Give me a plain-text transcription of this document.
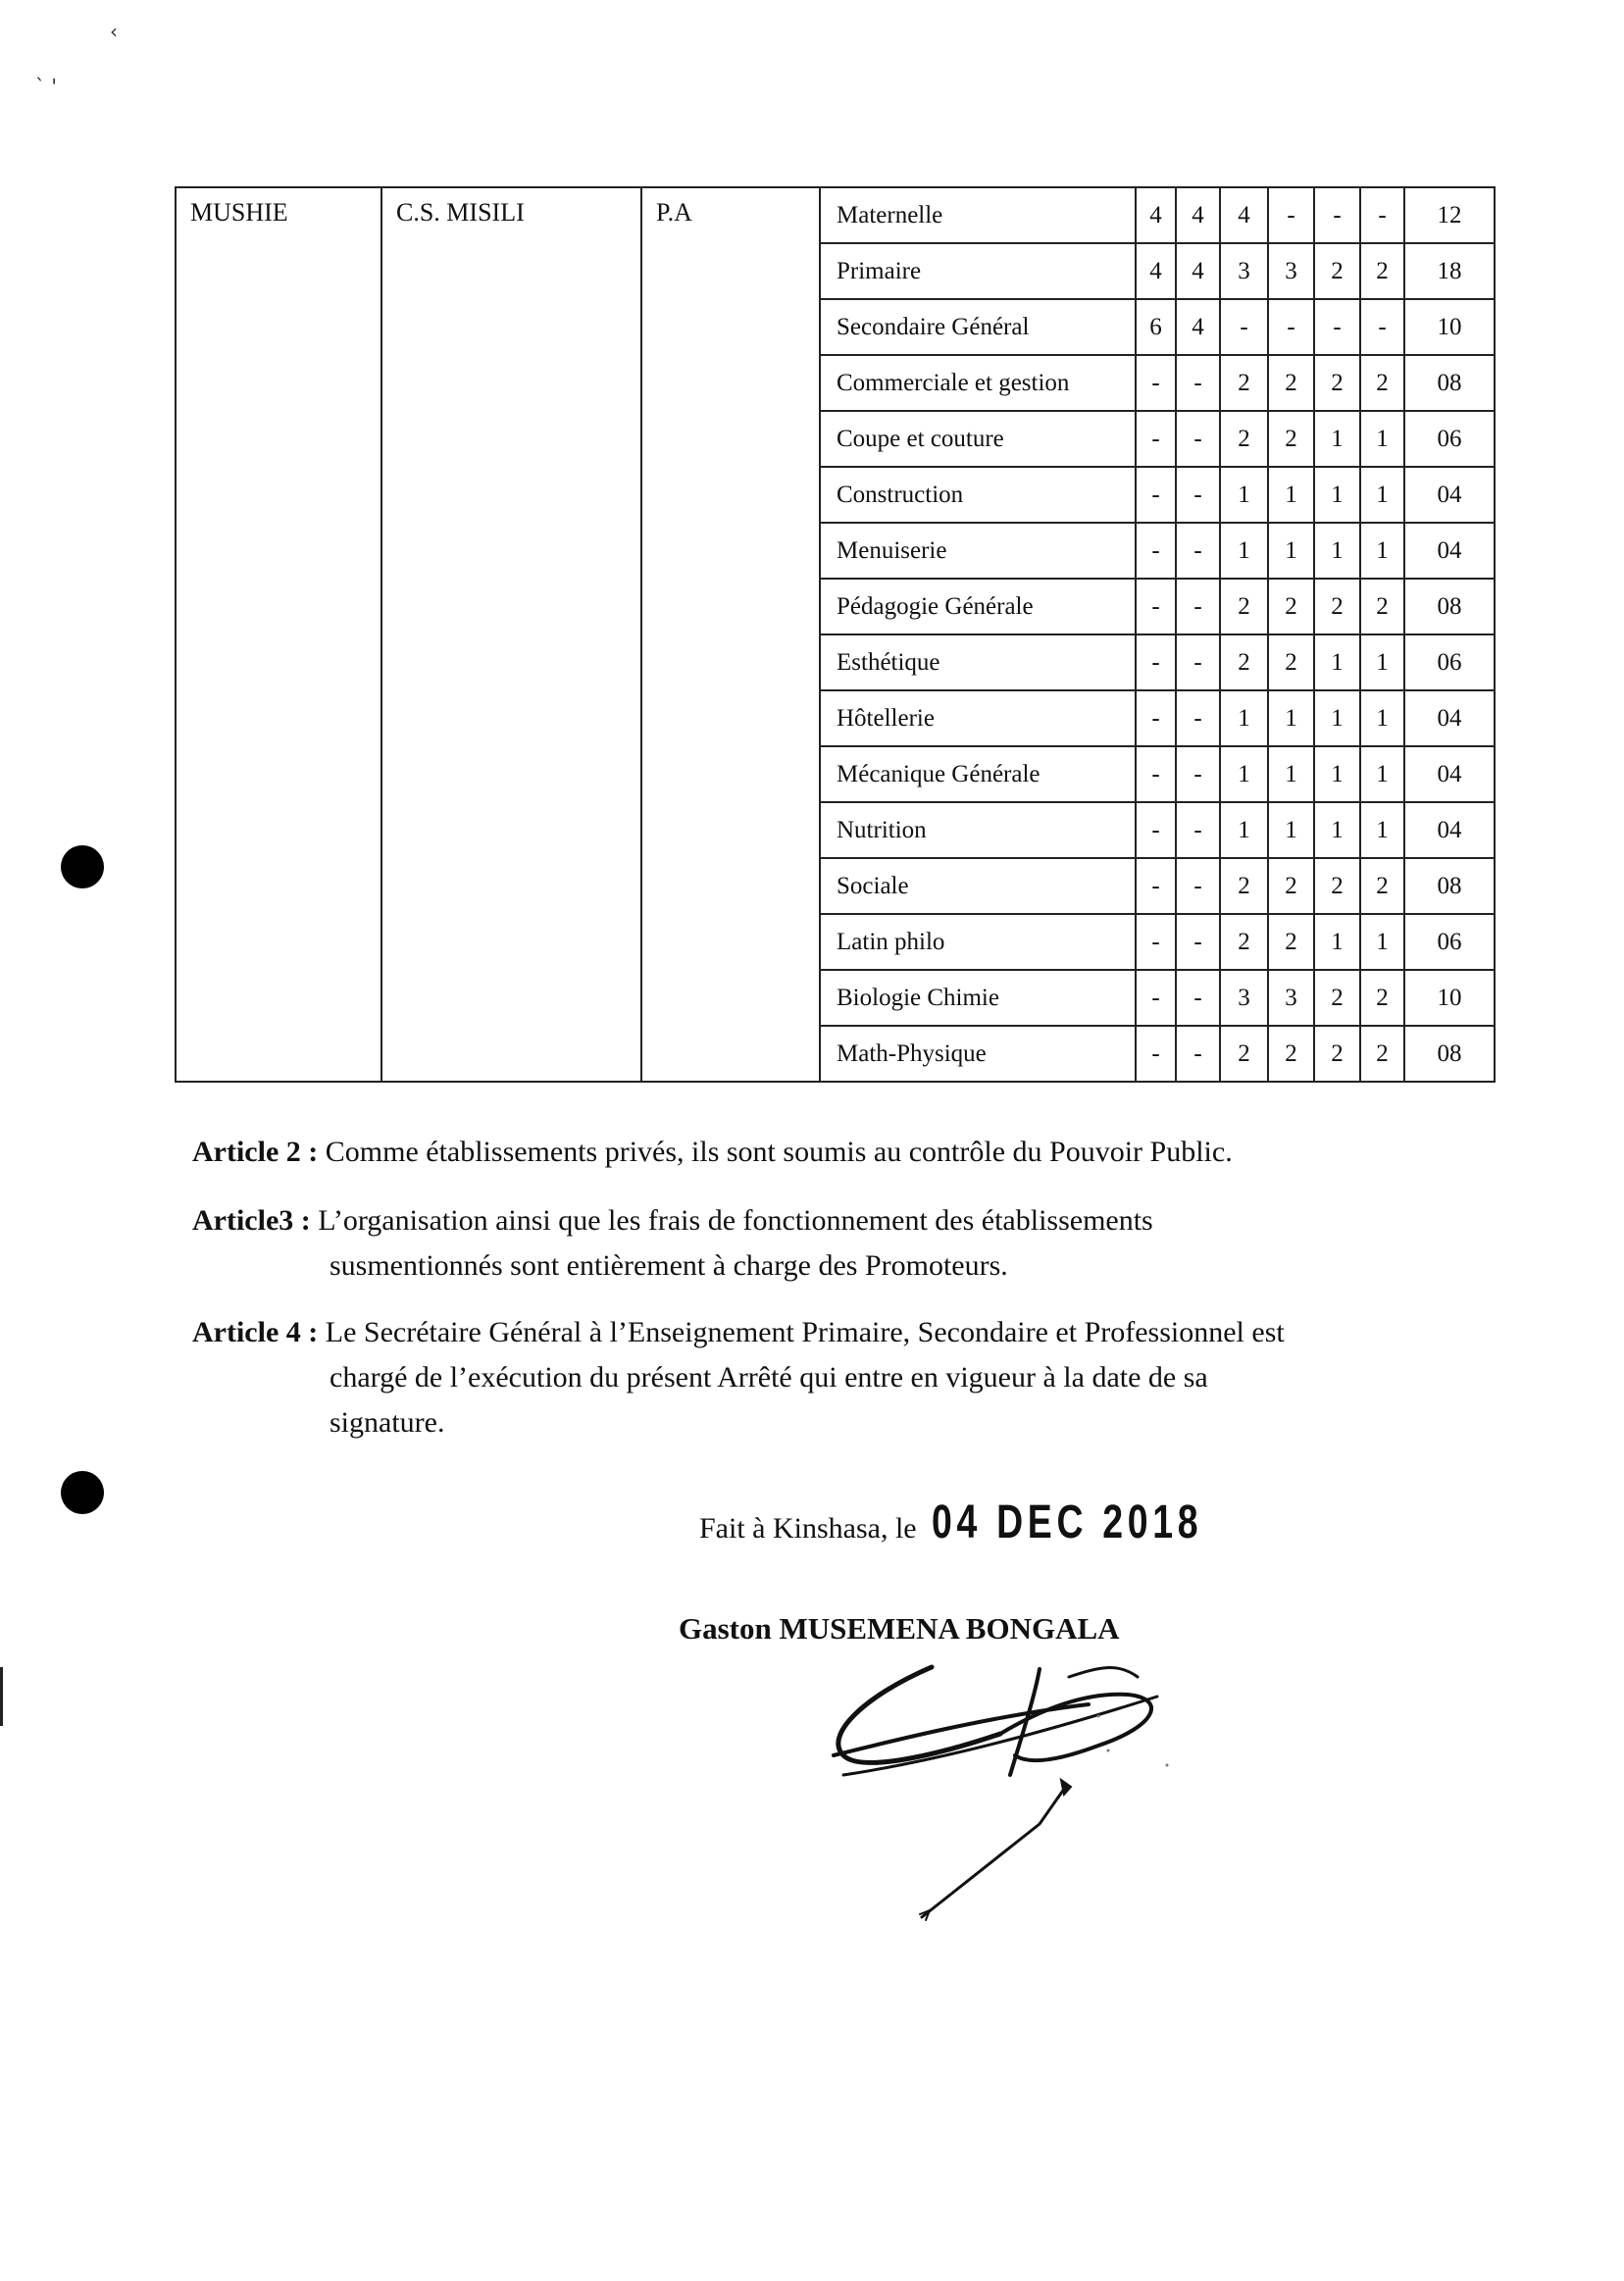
‹
` '
MUSHIE	C.S. MISILI	P.A	Maternelle	4	4	4	-	-	-	12
			Primaire	4	4	3	3	2	2	18
			Secondaire Général	6	4	-	-	-	-	10
			Commerciale et gestion	-	-	2	2	2	2	08
			Coupe et couture	-	-	2	2	1	1	06
			Construction	-	-	1	1	1	1	04
			Menuiserie	-	-	1	1	1	1	04
			Pédagogie Générale	-	-	2	2	2	2	08
			Esthétique	-	-	2	2	1	1	06
			Hôtellerie	-	-	1	1	1	1	04
			Mécanique Générale	-	-	1	1	1	1	04
			Nutrition	-	-	1	1	1	1	04
			Sociale	-	-	2	2	2	2	08
			Latin philo	-	-	2	2	1	1	06
			Biologie Chimie	-	-	3	3	2	2	10
			Math-Physique	-	-	2	2	2	2	08
Article 2 : Comme établissements privés, ils sont soumis au contrôle du Pouvoir Public.
Article3 : L’organisation ainsi que les frais de fonctionnement des établissements
susmentionnés sont entièrement à charge des Promoteurs.
Article 4 : Le Secrétaire Général à l’Enseignement Primaire, Secondaire et Professionnel est
chargé de l’exécution du présent Arrêté qui entre en vigueur à la date de sa
signature.
Fait à Kinshasa, le 04 DEC 2018
Gaston MUSEMENA BONGALA
